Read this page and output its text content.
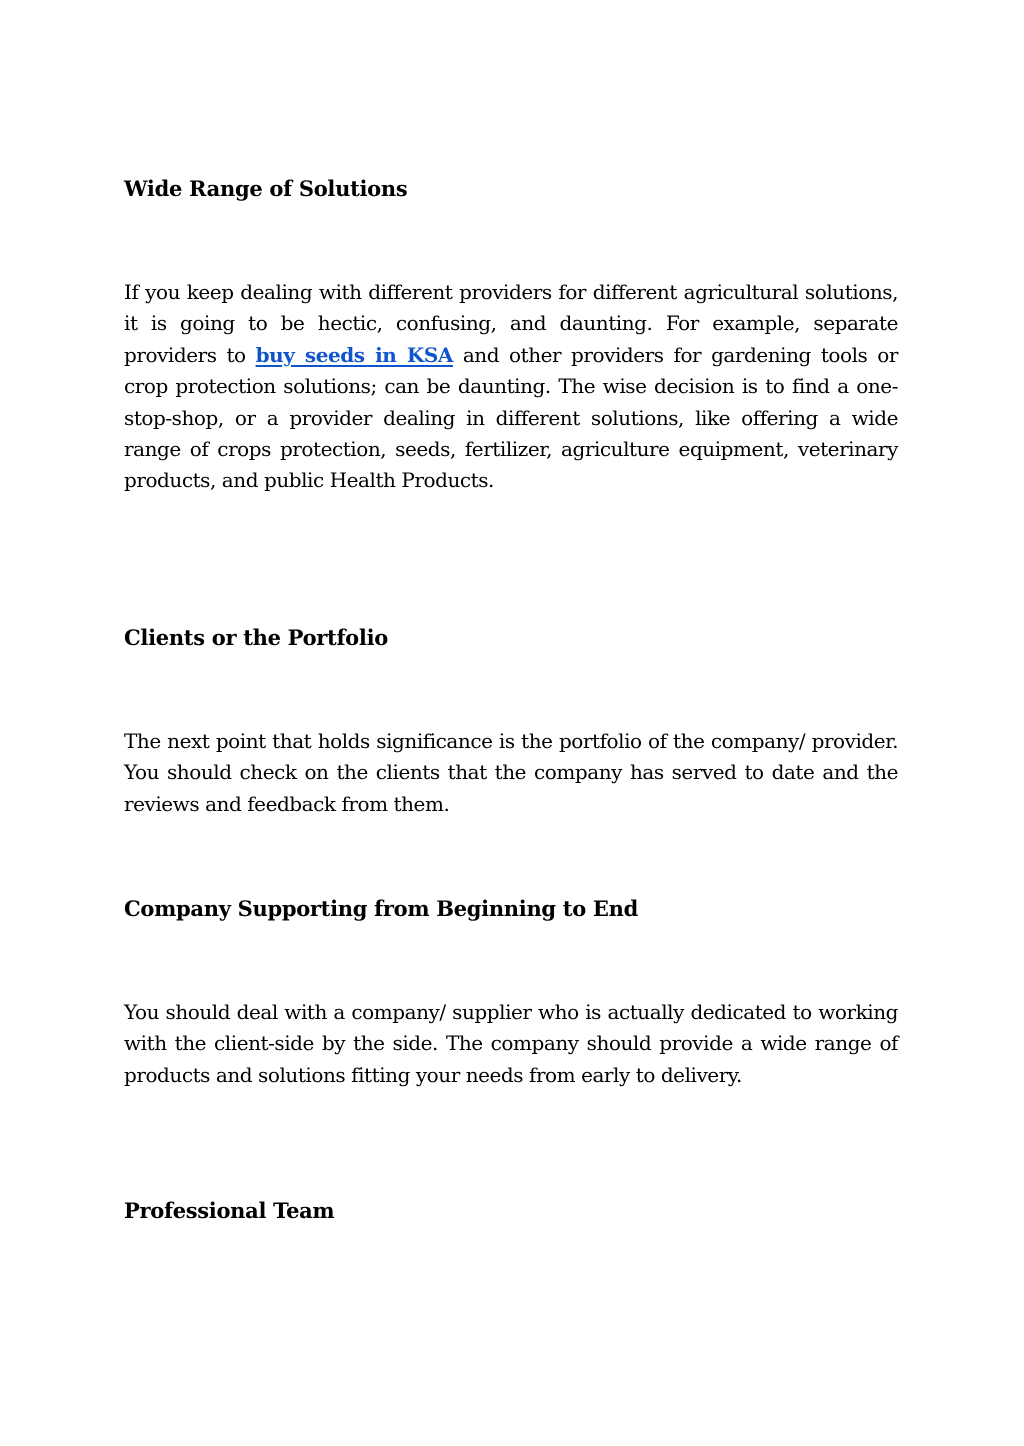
Wide Range of Solutions

If you keep dealing with different providers for different agricultural solutions, it is going to be hectic, confusing, and daunting. For example, separate providers to buy seeds in KSA and other providers for gardening tools or crop protection solutions; can be daunting. The wise decision is to find a one-stop-shop, or a provider dealing in different solutions, like offering a wide range of crops protection, seeds, fertilizer, agriculture equipment, veterinary products, and public Health Products.

Clients or the Portfolio

The next point that holds significance is the portfolio of the company/ provider. You should check on the clients that the company has served to date and the reviews and feedback from them.

Company Supporting from Beginning to End

You should deal with a company/ supplier who is actually dedicated to working with the client-side by the side. The company should provide a wide range of products and solutions fitting your needs from early to delivery.

Professional Team
